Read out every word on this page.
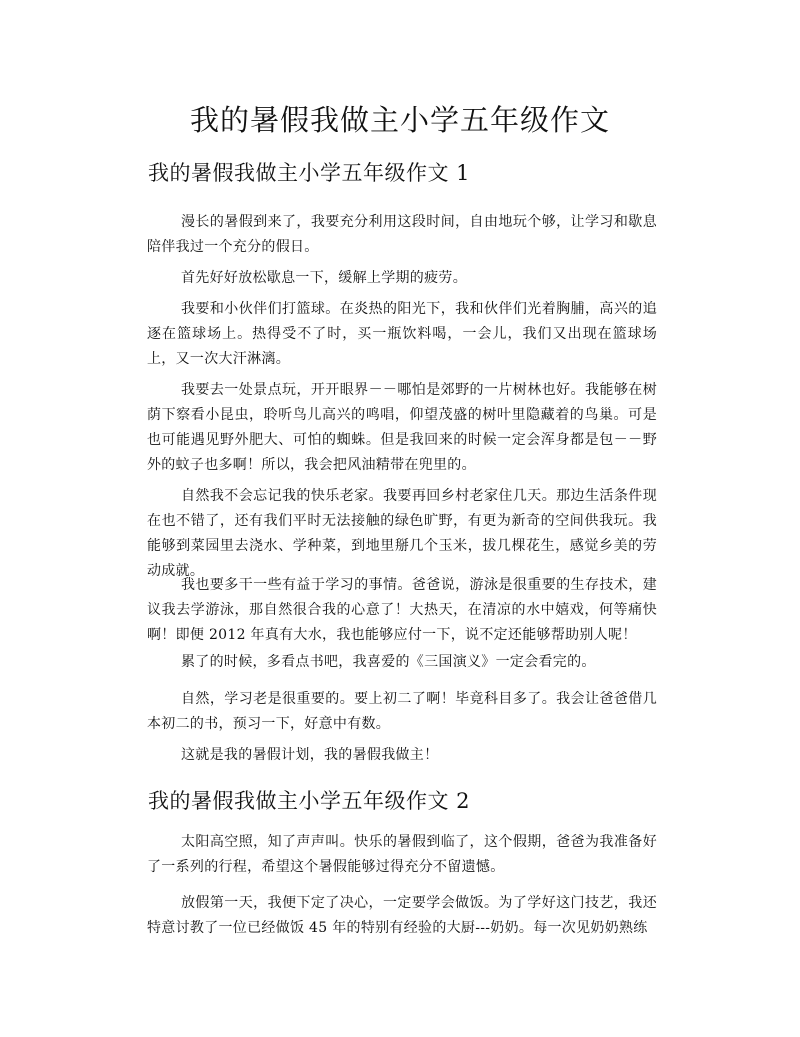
我的暑假我做主小学五年级作文
我的暑假我做主小学五年级作文 1

漫长的暑假到来了，我要充分利用这段时间，自由地玩个够，让学习和歇息陪伴我过一个充分的假日。

首先好好放松歇息一下，缓解上学期的疲劳。

我要和小伙伴们打篮球。在炎热的阳光下，我和伙伴们光着胸脯，高兴的追逐在篮球场上。热得受不了时，买一瓶饮料喝，一会儿，我们又出现在篮球场上，又一次大汗淋漓。

我要去一处景点玩，开开眼界－－哪怕是郊野的一片树林也好。我能够在树荫下察看小昆虫，聆听鸟儿高兴的鸣唱，仰望茂盛的树叶里隐藏着的鸟巢。可是也可能遇见野外肥大、可怕的蜘蛛。但是我回来的时候一定会浑身都是包－－野外的蚊子也多啊！所以，我会把风油精带在兜里的。

自然我不会忘记我的快乐老家。我要再回乡村老家住几天。那边生活条件现在也不错了，还有我们平时无法接触的绿色旷野，有更为新奇的空间供我玩。我能够到菜园里去浇水、学种菜，到地里掰几个玉米，拔几棵花生，感觉乡美的劳动成就。

我也要多干一些有益于学习的事情。爸爸说，游泳是很重要的生存技术，建议我去学游泳，那自然很合我的心意了！大热天，在清凉的水中嬉戏，何等痛快啊！即便 2012 年真有大水，我也能够应付一下，说不定还能够帮助别人呢！

累了的时候，多看点书吧，我喜爱的《三国演义》一定会看完的。

自然，学习老是很重要的。要上初二了啊！毕竟科目多了。我会让爸爸借几本初二的书，预习一下，好意中有数。

这就是我的暑假计划，我的暑假我做主！

我的暑假我做主小学五年级作文 2

太阳高空照，知了声声叫。快乐的暑假到临了，这个假期，爸爸为我准备好了一系列的行程，希望这个暑假能够过得充分不留遗憾。

放假第一天，我便下定了决心，一定要学会做饭。为了学好这门技艺，我还特意讨教了一位已经做饭 45 年的特别有经验的大厨---奶奶。每一次见奶奶熟练
